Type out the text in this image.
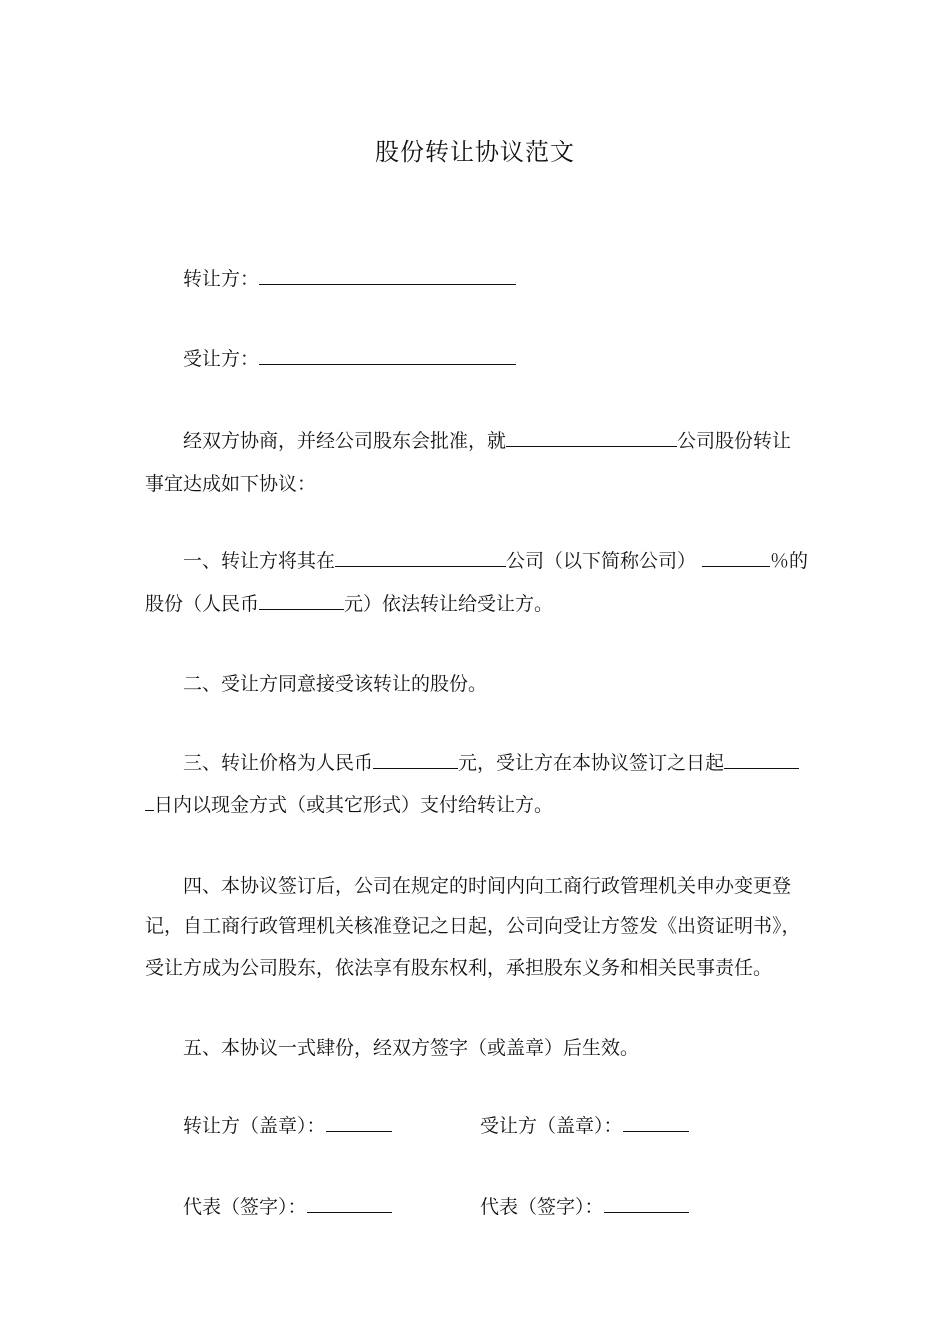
股份转让协议范文
转让方：
受让方：
经双方协商，并经公司股东会批准，就	公司股份转让
事宜达成如下协议：
一、转让方将其在	公司（以下简称公司）	％的
股份（人民币	元）依法转让给受让方。
二、受让方同意接受该转让的股份。
三、转让价格为人民币	元，受让方在本协议签订之日起
日内以现金方式（或其它形式）支付给转让方。
四、本协议签订后，公司在规定的时间内向工商行政管理机关申办变更登
记，自工商行政管理机关核准登记之日起，公司向受让方签发《出资证明书》，
受让方成为公司股东，依法享有股东权利，承担股东义务和相关民事责任。
五、本协议一式肆份，经双方签字（或盖章）后生效。
转让方（盖章）：	受让方（盖章）：
代表（签字）：	代表（签字）：
